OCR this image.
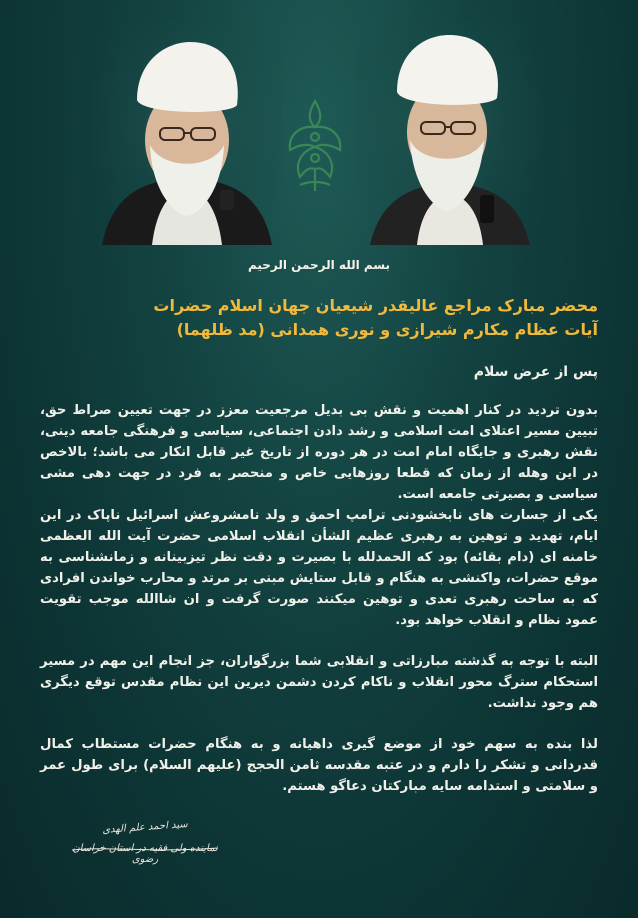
بسم الله الرحمن الرحیم
محضر مبارک مراجع عالیقدر شیعیان جهان اسلام حضرات
آیات عظام مکارم شیرازی و نوری همدانی (مد ظلهما)
پس از عرض سلام

بدون تردید در کنار اهمیت و نقش بی بدیل مرجعیت معزز در جهت تعیین صراط حق، تبیین مسیر اعتلای امت اسلامی و رشد دادن اجتماعی، سیاسی و فرهنگی جامعه دینی، نقش رهبری و جایگاه امام امت در هر دوره از تاریخ غیر قابل انکار می باشد؛ بالاخص در این وهله از زمان که قطعا روزهایی خاص و منحصر به فرد در جهت دهی مشی سیاسی و بصیرتی جامعه است.

یکی از جسارت های نابخشودنی ترامپ احمق و ولد نامشروعش اسرائیل ناپاک در این ایام، تهدید و توهین به رهبری عظیم الشأن انقلاب اسلامی حضرت آیت الله العظمی خامنه ای (دام بقائه) بود که الحمدلله با بصیرت و دقت نظر تیزبینانه و زمانشناسی به موقع حضرات، واکنشی به هنگام و قابل ستایش مبنی بر مرتد و محارب خواندن افرادی که به ساحت رهبری تعدی و توهین میکنند صورت گرفت و ان شاالله موجب تقویت عمود نظام و انقلاب خواهد بود.

البته با توجه به گذشته مبارزاتی و انقلابی شما بزرگواران، جز انجام این مهم در مسیر استحکام سترگ محور انقلاب و ناکام کردن دشمن دیرین این نظام مقدس توقع دیگری هم وجود نداشت.

لذا بنده به سهم خود از موضع گیری داهیانه و به هنگام حضرات مستطاب کمال قدردانی و تشکر را دارم و در عتبه مقدسه ثامن الحجج (علیهم السلام) برای طول عمر و سلامتی و استدامه سایه مبارکتان دعاگو هستم.

سید احمد علم الهدی
نماینده ولی فقیه در استان خراسان رضوی
